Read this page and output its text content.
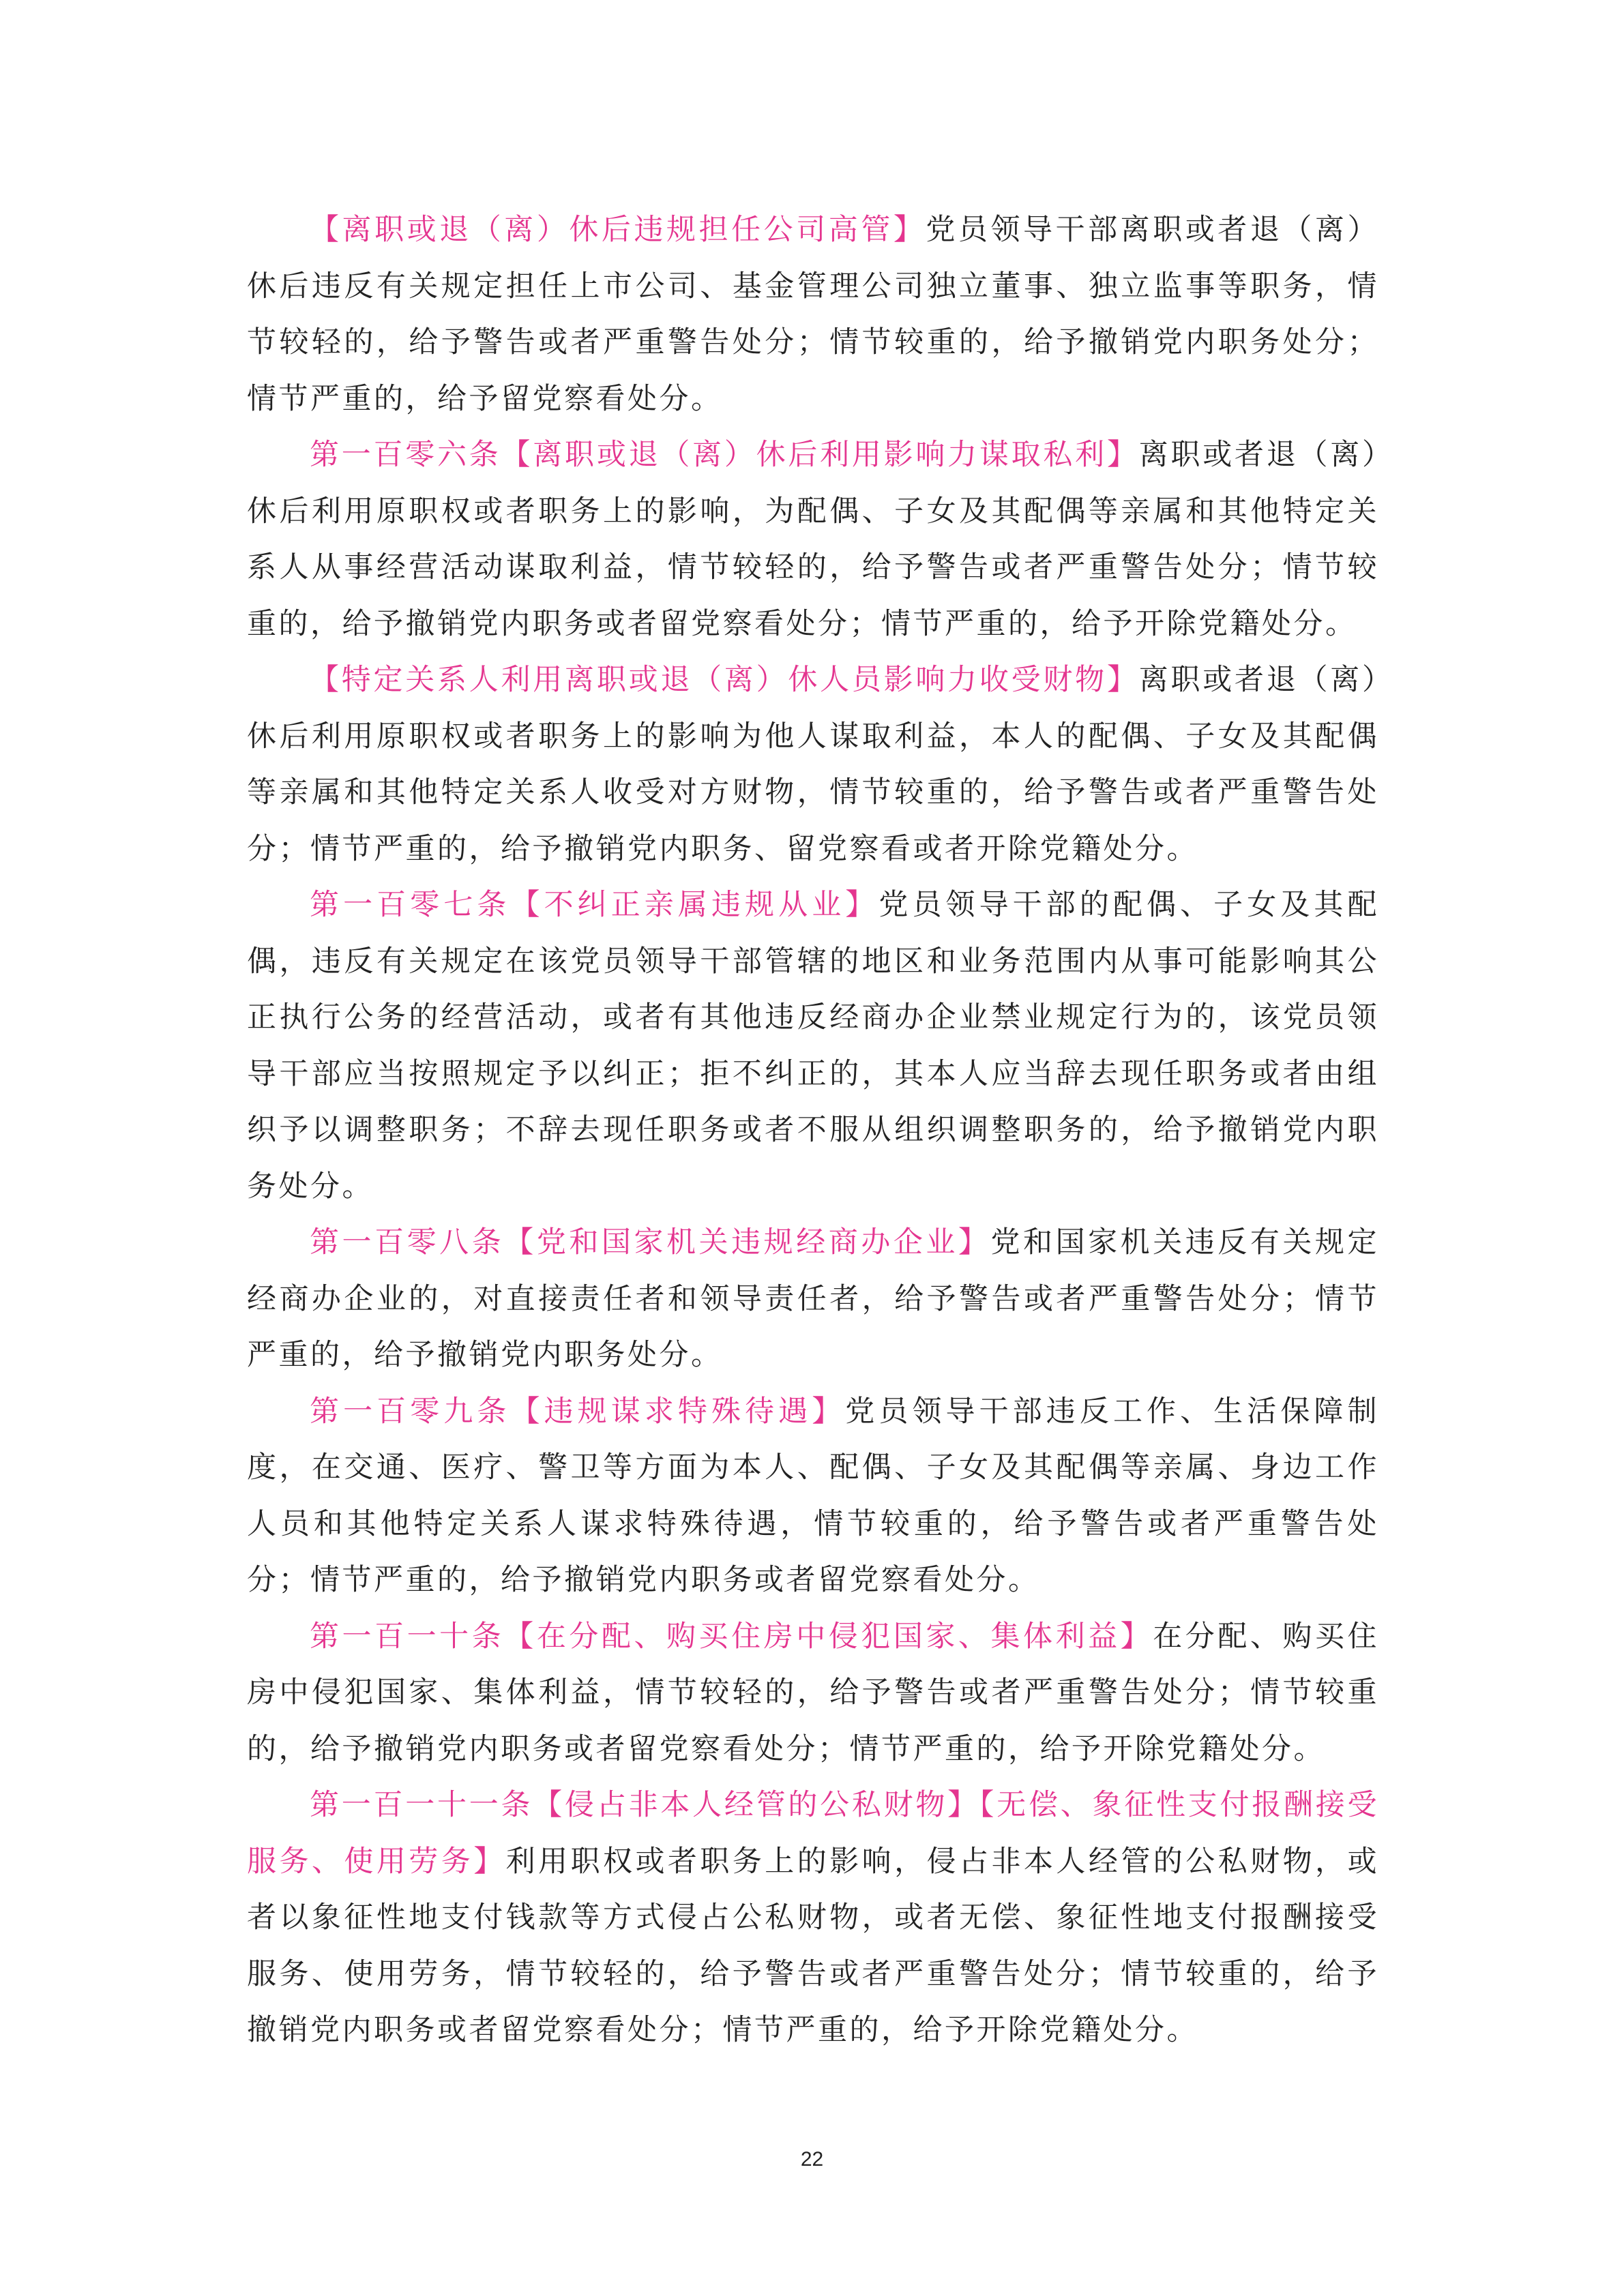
【离职或退（离）休后违规担任公司高管】党员领导干部离职或者退（离）休后违反有关规定担任上市公司、基金管理公司独立董事、独立监事等职务，情节较轻的，给予警告或者严重警告处分；情节较重的，给予撤销党内职务处分；情节严重的，给予留党察看处分。

第一百零六条【离职或退（离）休后利用影响力谋取私利】离职或者退（离）休后利用原职权或者职务上的影响，为配偶、子女及其配偶等亲属和其他特定关系人从事经营活动谋取利益，情节较轻的，给予警告或者严重警告处分；情节较重的，给予撤销党内职务或者留党察看处分；情节严重的，给予开除党籍处分。

【特定关系人利用离职或退（离）休人员影响力收受财物】离职或者退（离）休后利用原职权或者职务上的影响为他人谋取利益，本人的配偶、子女及其配偶等亲属和其他特定关系人收受对方财物，情节较重的，给予警告或者严重警告处分；情节严重的，给予撤销党内职务、留党察看或者开除党籍处分。

第一百零七条【不纠正亲属违规从业】党员领导干部的配偶、子女及其配偶，违反有关规定在该党员领导干部管辖的地区和业务范围内从事可能影响其公正执行公务的经营活动，或者有其他违反经商办企业禁业规定行为的，该党员领导干部应当按照规定予以纠正；拒不纠正的，其本人应当辞去现任职务或者由组织予以调整职务；不辞去现任职务或者不服从组织调整职务的，给予撤销党内职务处分。

第一百零八条【党和国家机关违规经商办企业】党和国家机关违反有关规定经商办企业的，对直接责任者和领导责任者，给予警告或者严重警告处分；情节严重的，给予撤销党内职务处分。

第一百零九条【违规谋求特殊待遇】党员领导干部违反工作、生活保障制度，在交通、医疗、警卫等方面为本人、配偶、子女及其配偶等亲属、身边工作人员和其他特定关系人谋求特殊待遇，情节较重的，给予警告或者严重警告处分；情节严重的，给予撤销党内职务或者留党察看处分。

第一百一十条【在分配、购买住房中侵犯国家、集体利益】在分配、购买住房中侵犯国家、集体利益，情节较轻的，给予警告或者严重警告处分；情节较重的，给予撤销党内职务或者留党察看处分；情节严重的，给予开除党籍处分。

第一百一十一条【侵占非本人经管的公私财物】【无偿、象征性支付报酬接受服务、使用劳务】利用职权或者职务上的影响，侵占非本人经管的公私财物，或者以象征性地支付钱款等方式侵占公私财物，或者无偿、象征性地支付报酬接受服务、使用劳务，情节较轻的，给予警告或者严重警告处分；情节较重的，给予撤销党内职务或者留党察看处分；情节严重的，给予开除党籍处分。

22
